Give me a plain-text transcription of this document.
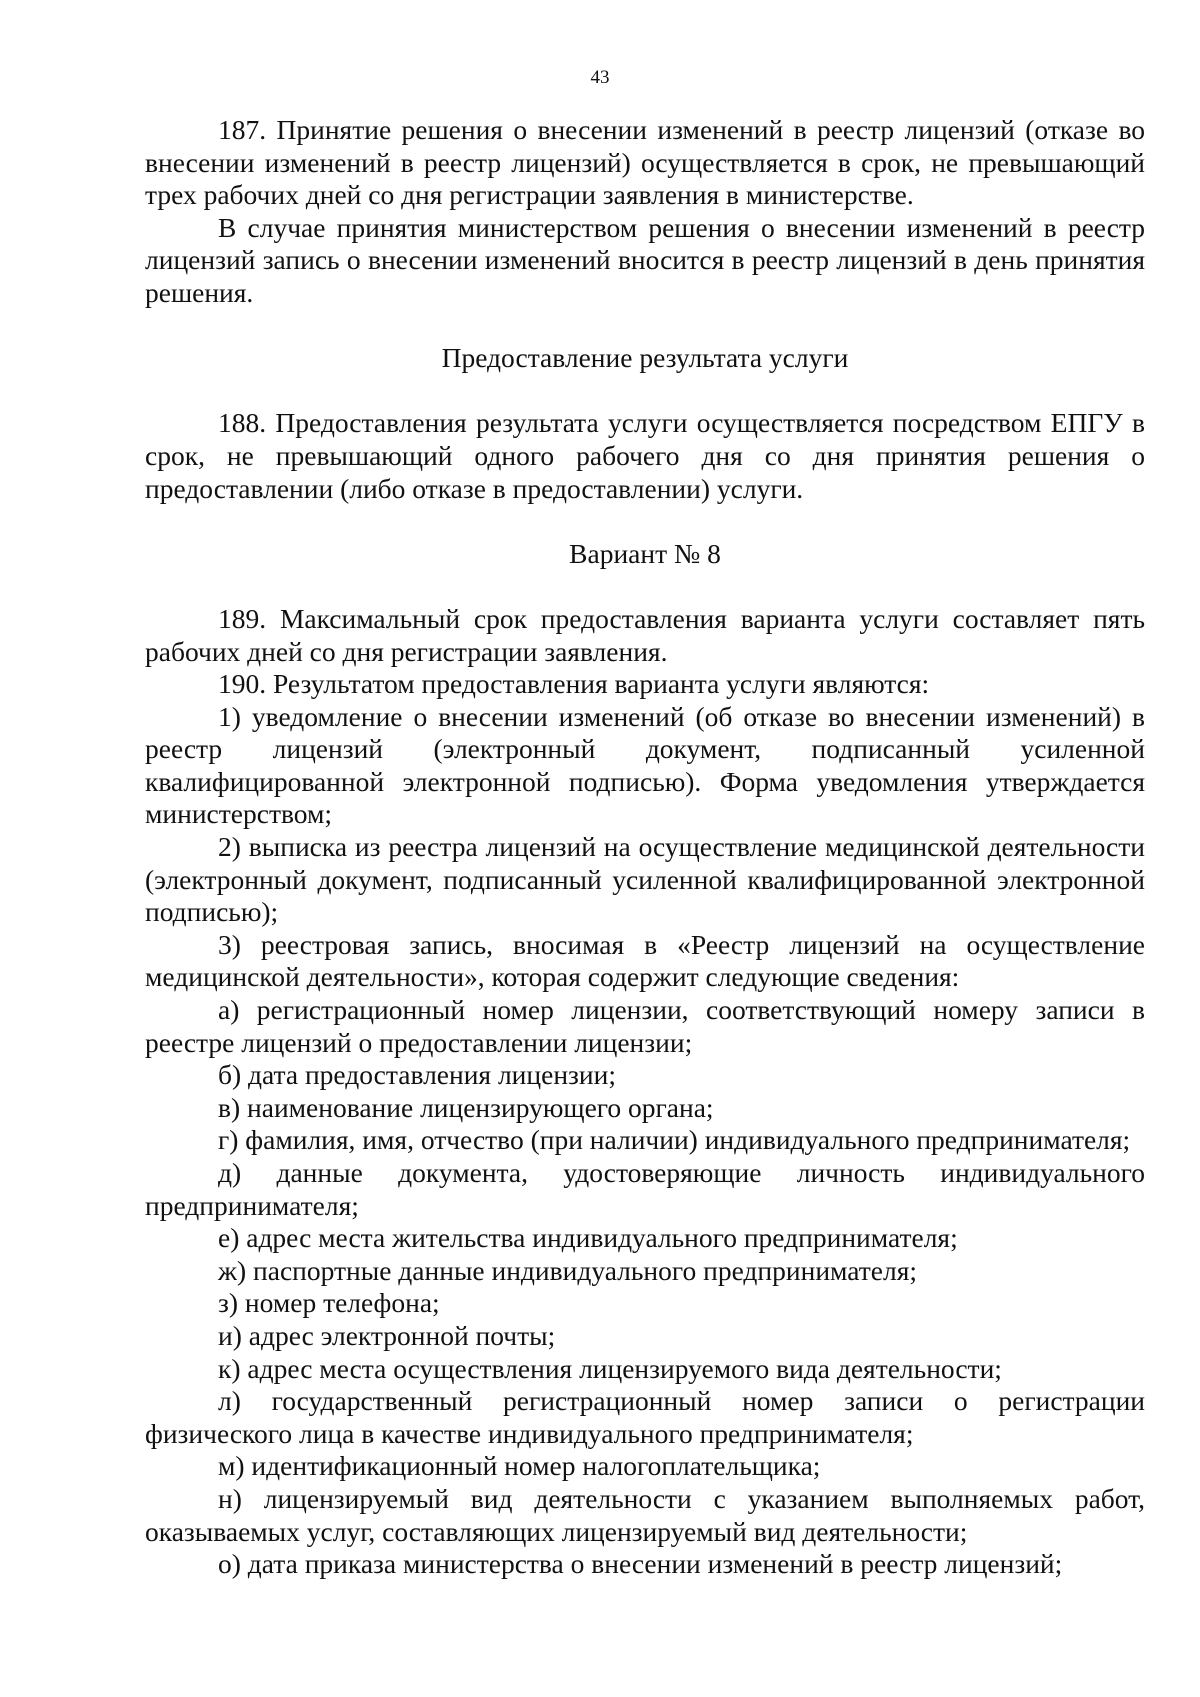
43

187. Принятие решения о внесении изменений в реестр лицензий (отказе во внесении изменений в реестр лицензий) осуществляется в срок, не превышающий трех рабочих дней со дня регистрации заявления в министерстве.

В случае принятия министерством решения о внесении изменений в реестр лицензий запись о внесении изменений вносится в реестр лицензий в день принятия решения.

Предоставление результата услуги

188. Предоставления результата услуги осуществляется посредством ЕПГУ в срок, не превышающий одного рабочего дня со дня принятия решения о предоставлении (либо отказе в предоставлении) услуги.

Вариант № 8

189. Максимальный срок предоставления варианта услуги составляет пять рабочих дней со дня регистрации заявления.

190. Результатом предоставления варианта услуги являются:

1) уведомление о внесении изменений (об отказе во внесении изменений) в реестр лицензий (электронный документ, подписанный усиленной квалифицированной электронной подписью). Форма уведомления утверждается министерством;

2) выписка из реестра лицензий на осуществление медицинской деятельности (электронный документ, подписанный усиленной квалифицированной электронной подписью);

3) реестровая запись, вносимая в «Реестр лицензий на осуществление медицинской деятельности», которая содержит следующие сведения:

а) регистрационный номер лицензии, соответствующий номеру записи в реестре лицензий о предоставлении лицензии;

б) дата предоставления лицензии;

в) наименование лицензирующего органа;

г) фамилия, имя, отчество (при наличии) индивидуального предпринимателя;

д) данные документа, удостоверяющие личность индивидуального предпринимателя;

е) адрес места жительства индивидуального предпринимателя;

ж) паспортные данные индивидуального предпринимателя;

з) номер телефона;

и) адрес электронной почты;

к) адрес места осуществления лицензируемого вида деятельности;

л) государственный регистрационный номер записи о регистрации физического лица в качестве индивидуального предпринимателя;

м) идентификационный номер налогоплательщика;

н) лицензируемый вид деятельности с указанием выполняемых работ, оказываемых услуг, составляющих лицензируемый вид деятельности;

о) дата приказа министерства о внесении изменений в реестр лицензий;
